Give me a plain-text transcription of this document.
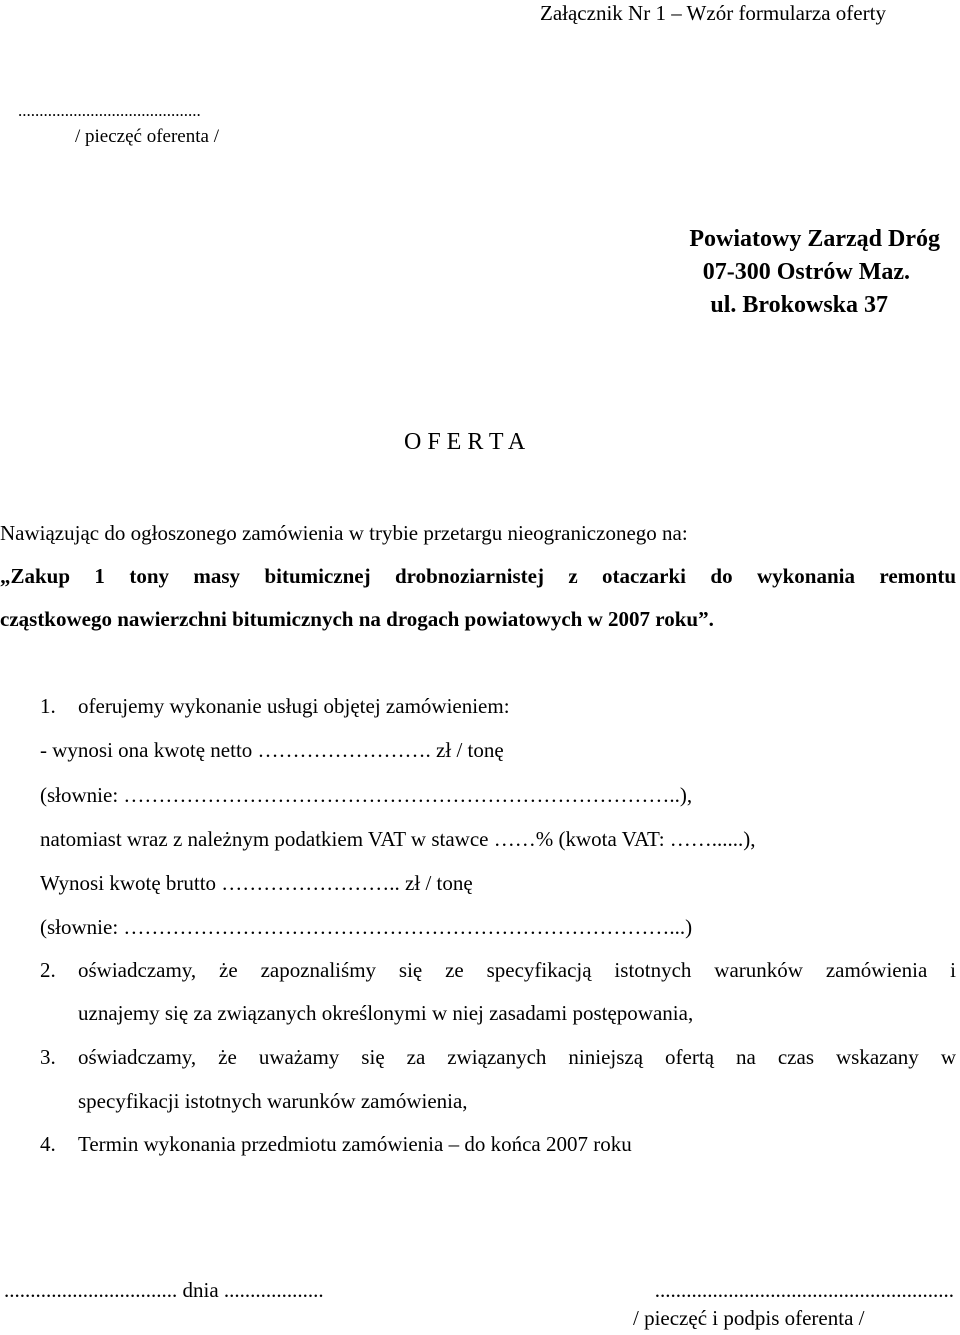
Załącznik Nr 1 – Wzór formularza oferty
...........................................
/ pieczęć oferenta /
Powiatowy Zarząd Dróg
07-300 Ostrów Maz.
ul. Brokowska 37
O F E R T A
Nawiązując do ogłoszonego zamówienia w trybie przetargu nieograniczonego na:
„Zakup 1 tony masy bitumicznej drobnoziarnistej z otaczarki do wykonania remontu
cząstkowego nawierzchni bitumicznych na drogach powiatowych w 2007 roku”.
1. oferujemy wykonanie usługi objętej zamówieniem:
- wynosi ona kwotę netto ……………………. zł / tonę
(słownie: ……………………………………………………………………..),
natomiast wraz z należnym podatkiem VAT w stawce ……% (kwota VAT: ……......),
Wynosi kwotę brutto …………………….. zł / tonę
(słownie: ……………………………………………………………………...)
2. oświadczamy, że zapoznaliśmy się ze specyfikacją istotnych warunków zamówienia i
uznajemy się za związanych określonymi w niej zasadami postępowania,
3. oświadczamy, że uważamy się za związanych niniejszą ofertą na czas wskazany w
specyfikacji istotnych warunków zamówienia,
4. Termin wykonania przedmiotu zamówienia – do końca 2007 roku
................................. dnia ...................	.........................................................
/ pieczęć i podpis oferenta /
